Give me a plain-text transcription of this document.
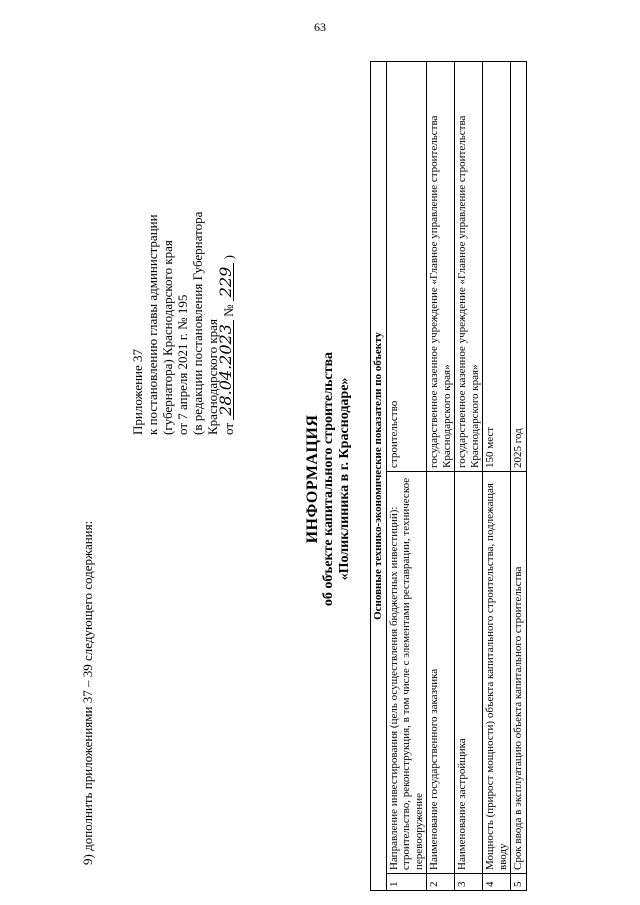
63
9) дополнить приложениями 37 – 39 следующего содержания:
Приложение 37 к постановлению главы администрации (губернатора) Краснодарского края от 7 апреля 2021 г. № 195 (в редакции постановления Губернатора Краснодарского края от 28.04.2023 № 229 )
ИНФОРМАЦИЯ об объекте капитального строительства «Поликлиника в г. Краснодаре» Основные технико-экономические показатели по объекту		
1	Направление инвестирования (цель осуществления бюджетных инвестиций): строительство, реконструкция, в том числе с элементами реставрации, техническое перевооружение	строительство
2	Наименование государственного заказчика	государственное казенное учреждение «Главное управление строительства Краснодарского края»
3	Наименование застройщика	государственное казенное учреждение «Главное управление строительства Краснодарского края»
4	Мощность (прирост мощности) объекта капитального строительства, подлежащая вводу	150 мест
5	Срок ввода в эксплуатацию объекта капитального строительства	2025 год
